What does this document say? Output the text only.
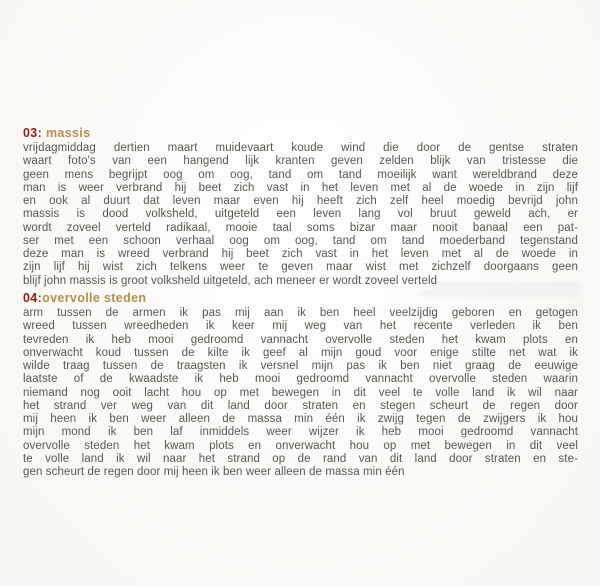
03: massis
vrijdagmiddag dertien maart muidevaart koude wind die door de gentse straten
waart foto's van een hangend lijk kranten geven zelden blijk van tristesse die
geen mens begrijpt oog om oog, tand om tand moeilijk want wereldbrand deze
man is weer verbrand hij beet zich vast in het leven met al de woede in zijn lijf
en ook al duurt dat leven maar even hij heeft zich zelf heel moedig bevrijd john
massis is dood volksheld, uitgeteld een leven lang vol bruut geweld ach, er
wordt zoveel verteld radikaal, mooie taal soms bizar maar nooit banaal een pat-
ser met een schoon verhaal oog om oog, tand om tand moederband tegenstand
deze man is wreed verbrand hij beet zich vast in het leven met al de woede in
zijn lijf hij wist zich telkens weer te geven maar wist met zichzelf doorgaans geen
blijf john massis is groot volksheld uitgeteld, ach meneer er wordt zoveel verteld
04:overvolle steden
arm tussen de armen ik pas mij aan ik ben heel veelzijdig geboren en getogen
wreed tussen wreedheden ik keer mij weg van het recente verleden ik ben
tevreden ik heb mooi gedroomd vannacht overvolle steden het kwam plots en
onverwacht koud tussen de kilte ik geef al mijn goud voor enige stilte net wat ik
wilde traag tussen de traagsten ik versnel mijn pas ik ben niet graag de eeuwige
laatste of de kwaadste ik heb mooi gedroomd vannacht overvolle steden waarin
niemand nog ooit lacht hou op met bewegen in dit veel te volle land ik wil naar
het strand ver weg van dit land door straten en stegen scheurt de regen door
mij heen ik ben weer alleen de massa min één ik zwijg tegen de zwijgers ik hou
mijn mond ik ben laf inmiddels weer wijzer ik heb mooi gedroomd vannacht
overvolle steden het kwam plots en onverwacht hou op met bewegen in dit veel
te volle land ik wil naar het strand op de rand van dit land door straten en ste-
gen scheurt de regen door mij heen ik ben weer alleen de massa min één
